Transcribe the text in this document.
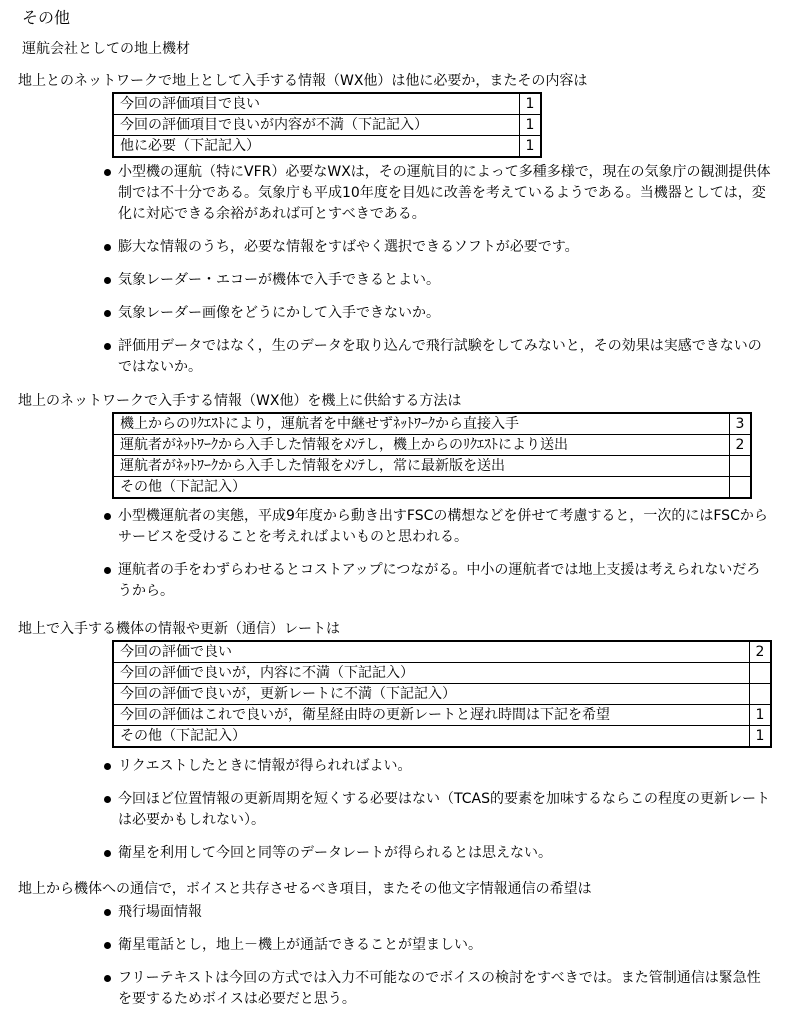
その他
運航会社としての地上機材
地上とのネットワークで地上として入手する情報（WX他）は他に必要か，またその内容は
今回の評価項目で良い	1
今回の評価項目で良いが内容が不満（下記記入）	1
他に必要（下記記入）	1
小型機の運航（特にVFR）必要なWXは，その運航目的によって多種多様で，現在の気象庁の観測提供体制では不十分である。気象庁も平成10年度を目処に改善を考えているようである。当機器としては，変化に対応できる余裕があれば可とすべきである。
膨大な情報のうち，必要な情報をすばやく選択できるソフトが必要です。
気象レーダー・エコーが機体で入手できるとよい。
気象レーダー画像をどうにかして入手できないか。
評価用データではなく，生のデータを取り込んで飛行試験をしてみないと，その効果は実感できないのではないか。
地上のネットワークで入手する情報（WX他）を機上に供給する方法は
機上からのﾘｸｴｽﾄにより，運航者を中継せずﾈｯﾄﾜｰｸから直接入手	3
運航者がﾈｯﾄﾜｰｸから入手した情報をﾒﾝﾃし，機上からのﾘｸｴｽﾄにより送出	2
運航者がﾈｯﾄﾜｰｸから入手した情報をﾒﾝﾃし，常に最新版を送出	
その他（下記記入）	
小型機運航者の実態，平成9年度から動き出すFSCの構想などを併せて考慮すると，一次的にはFSCからサービスを受けることを考えればよいものと思われる。
運航者の手をわずらわせるとコストアップにつながる。中小の運航者では地上支援は考えられないだろうから。
地上で入手する機体の情報や更新（通信）レートは
今回の評価で良い	2
今回の評価で良いが，内容に不満（下記記入）	
今回の評価で良いが，更新レートに不満（下記記入）	
今回の評価はこれで良いが，衛星経由時の更新レートと遅れ時間は下記を希望	1
その他（下記記入）	1
リクエストしたときに情報が得られればよい。
今回ほど位置情報の更新周期を短くする必要はない（TCAS的要素を加味するならこの程度の更新レートは必要かもしれない）。
衛星を利用して今回と同等のデータレートが得られるとは思えない。
地上から機体への通信で，ボイスと共存させるべき項目，またその他文字情報通信の希望は
飛行場面情報
衛星電話とし，地上－機上が通話できることが望ましい。
フリーテキストは今回の方式では入力不可能なのでボイスの検討をすべきでは。また管制通信は緊急性を要するためボイスは必要だと思う。
